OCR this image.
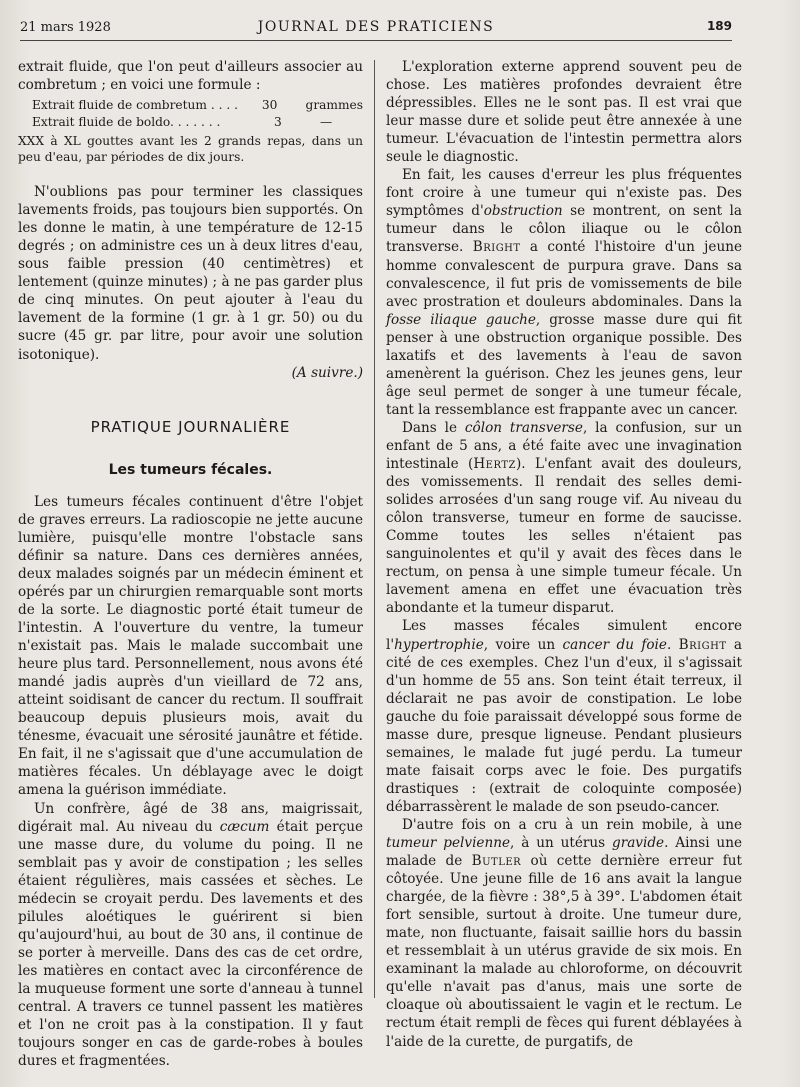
21 mars 1928	JOURNAL DES PRATICIENS	189

extrait fluide, que l'on peut d'ailleurs associer au combretum ; en voici une formule :

Extrait fluide de combretum . . . .	30	grammes
Extrait fluide de boldo. . . . . . .	3	—

XXX à XL gouttes avant les 2 grands repas, dans un peu d'eau, par périodes de dix jours.

N'oublions pas pour terminer les classiques lavements froids, pas toujours bien supportés. On les donne le matin, à une température de 12-15 degrés ; on administre ces un à deux litres d'eau, sous faible pression (40 centimètres) et lentement (quinze minutes) ; à ne pas garder plus de cinq minutes. On peut ajouter à l'eau du lavement de la formine (1 gr. à 1 gr. 50) ou du sucre (45 gr. par litre, pour avoir une solution isotonique).

(A suivre.)

PRATIQUE JOURNALIÈRE
Les tumeurs fécales.

Les tumeurs fécales continuent d'être l'objet de graves erreurs. La radioscopie ne jette aucune lumière, puisqu'elle montre l'obstacle sans définir sa nature. Dans ces dernières années, deux malades soignés par un médecin éminent et opérés par un chirurgien remarquable sont morts de la sorte. Le diagnostic porté était tumeur de l'intestin. A l'ouverture du ventre, la tumeur n'existait pas. Mais le malade succombait une heure plus tard. Personnellement, nous avons été mandé jadis auprès d'un vieillard de 72 ans, atteint soidisant de cancer du rectum. Il souffrait beaucoup depuis plusieurs mois, avait du ténesme, évacuait une sérosité jaunâtre et fétide. En fait, il ne s'agissait que d'une accumulation de matières fécales. Un déblayage avec le doigt amena la guérison immédiate.

Un confrère, âgé de 38 ans, maigrissait, digérait mal. Au niveau du cæcum était perçue une masse dure, du volume du poing. Il ne semblait pas y avoir de constipation ; les selles étaient régulières, mais cassées et sèches. Le médecin se croyait perdu. Des lavements et des pilules aloétiques le guérirent si bien qu'aujourd'hui, au bout de 30 ans, il continue de se porter à merveille. Dans des cas de cet ordre, les matières en contact avec la circonférence de la muqueuse forment une sorte d'anneau à tunnel central. A travers ce tunnel passent les matières et l'on ne croit pas à la constipation. Il y faut toujours songer en cas de garde-robes à boules dures et fragmentées.

L'exploration externe apprend souvent peu de chose. Les matières profondes devraient être dépressibles. Elles ne le sont pas. Il est vrai que leur masse dure et solide peut être annexée à une tumeur. L'évacuation de l'intestin permettra alors seule le diagnostic.

En fait, les causes d'erreur les plus fréquentes font croire à une tumeur qui n'existe pas. Des symptômes d'obstruction se montrent, on sent la tumeur dans le côlon iliaque ou le côlon transverse. Bright a conté l'histoire d'un jeune homme convalescent de purpura grave. Dans sa convalescence, il fut pris de vomissements de bile avec prostration et douleurs abdominales. Dans la fosse iliaque gauche, grosse masse dure qui fit penser à une obstruction organique possible. Des laxatifs et des lavements à l'eau de savon amenèrent la guérison. Chez les jeunes gens, leur âge seul permet de songer à une tumeur fécale, tant la ressemblance est frappante avec un cancer.

Dans le côlon transverse, la confusion, sur un enfant de 5 ans, a été faite avec une invagination intestinale (Hertz). L'enfant avait des douleurs, des vomissements. Il rendait des selles demi-solides arrosées d'un sang rouge vif. Au niveau du côlon transverse, tumeur en forme de saucisse. Comme toutes les selles n'étaient pas sanguinolentes et qu'il y avait des fèces dans le rectum, on pensa à une simple tumeur fécale. Un lavement amena en effet une évacuation très abondante et la tumeur disparut.

Les masses fécales simulent encore l'hypertrophie, voire un cancer du foie. Bright a cité de ces exemples. Chez l'un d'eux, il s'agissait d'un homme de 55 ans. Son teint était terreux, il déclarait ne pas avoir de constipation. Le lobe gauche du foie paraissait développé sous forme de masse dure, presque ligneuse. Pendant plusieurs semaines, le malade fut jugé perdu. La tumeur mate faisait corps avec le foie. Des purgatifs drastiques : (extrait de coloquinte composée) débarrassèrent le malade de son pseudo-cancer.

D'autre fois on a cru à un rein mobile, à une tumeur pelvienne, à un utérus gravide. Ainsi une malade de Butler où cette dernière erreur fut côtoyée. Une jeune fille de 16 ans avait la langue chargée, de la fièvre : 38°,5 à 39°. L'abdomen était fort sensible, surtout à droite. Une tumeur dure, mate, non fluctuante, faisait saillie hors du bassin et ressemblait à un utérus gravide de six mois. En examinant la malade au chloroforme, on découvrit qu'elle n'avait pas d'anus, mais une sorte de cloaque où aboutissaient le vagin et le rectum. Le rectum était rempli de fèces qui furent déblayées à l'aide de la curette, de purgatifs, de
